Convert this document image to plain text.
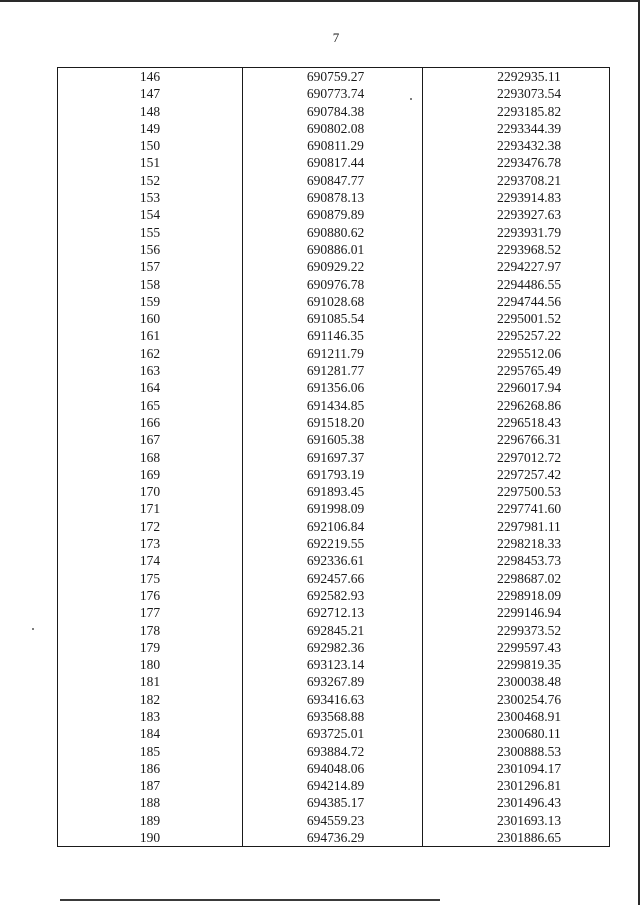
7
146	690759.27	2292935.11
147	690773.74	2293073.54
148	690784.38	2293185.82
149	690802.08	2293344.39
150	690811.29	2293432.38
151	690817.44	2293476.78
152	690847.77	2293708.21
153	690878.13	2293914.83
154	690879.89	2293927.63
155	690880.62	2293931.79
156	690886.01	2293968.52
157	690929.22	2294227.97
158	690976.78	2294486.55
159	691028.68	2294744.56
160	691085.54	2295001.52
161	691146.35	2295257.22
162	691211.79	2295512.06
163	691281.77	2295765.49
164	691356.06	2296017.94
165	691434.85	2296268.86
166	691518.20	2296518.43
167	691605.38	2296766.31
168	691697.37	2297012.72
169	691793.19	2297257.42
170	691893.45	2297500.53
171	691998.09	2297741.60
172	692106.84	2297981.11
173	692219.55	2298218.33
174	692336.61	2298453.73
175	692457.66	2298687.02
176	692582.93	2298918.09
177	692712.13	2299146.94
178	692845.21	2299373.52
179	692982.36	2299597.43
180	693123.14	2299819.35
181	693267.89	2300038.48
182	693416.63	2300254.76
183	693568.88	2300468.91
184	693725.01	2300680.11
185	693884.72	2300888.53
186	694048.06	2301094.17
187	694214.89	2301296.81
188	694385.17	2301496.43
189	694559.23	2301693.13
190	694736.29	2301886.65
